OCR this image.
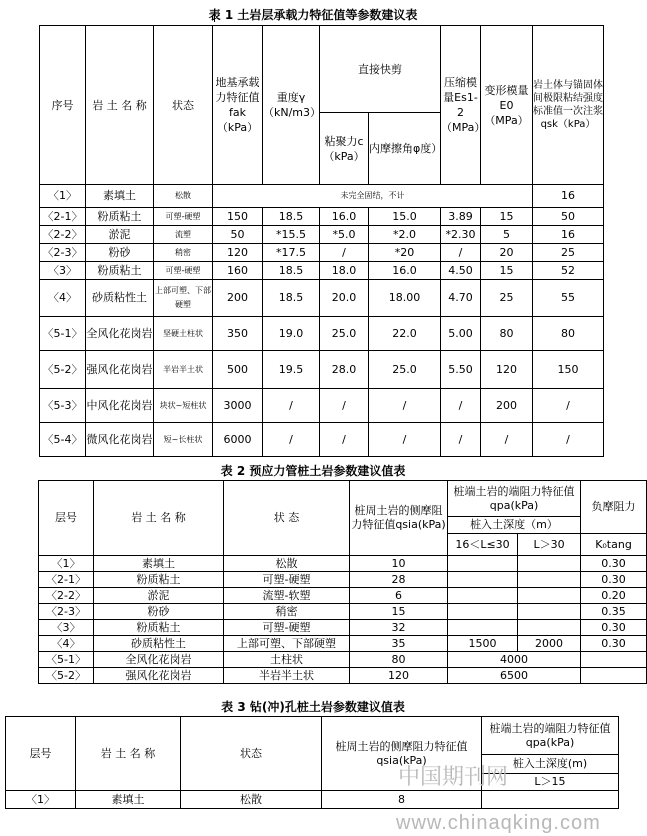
表 1 土岩层承载力特征值等参数建议表
序号	岩 土 名 称	状态	地基承载力特征值fak（kPa）	重度γ（kN/m3）	直接快剪		压缩模量Es1-2（MPa）	变形模量E0（MPa）	岩土体与锚固体间极限粘结强度标准值一次注浆qsk（kPa）
					粘聚力c（kPa）	内摩擦角φ度）			
〈1〉	素填土	松散	未完全固结，不计						16
〈2-1〉	粉质粘土	可塑-硬塑	150	18.5	16.0	15.0	3.89	15	50
〈2-2〉	淤泥	流塑	50	*15.5	*5.0	*2.0	*2.30	5	16
〈2-3〉	粉砂	稍密	120	*17.5	/	*20	/	20	25
〈3〉	粉质粘土	可塑-硬塑	160	18.5	18.0	16.0	4.50	15	52
〈4〉	砂质粘性土	上部可塑、下部硬塑	200	18.5	20.0	18.00	4.70	25	55
〈5-1〉	全风化花岗岩	坚硬土柱状	350	19.0	25.0	22.0	5.00	80	80
〈5-2〉	强风化花岗岩	半岩半土状	500	19.5	28.0	25.0	5.50	120	150
〈5-3〉	中风化花岗岩	块状~短柱状	3000	/	/	/	/	200	/
〈5-4〉	微风化花岗岩	短~长柱状	6000	/	/	/	/	/	/
表 2 预应力管桩土岩参数建议值表
层号	岩 土 名 称	状 态	桩周土岩的侧摩阻力特征值qsia(kPa)	桩端土岩的端阻力特征值qpa(kPa)		负摩阻力
				桩入土深度（m）		
				16＜L≤30	L＞30	K₀tang
〈1〉	素填土	松散	10			0.30
〈2-1〉	粉质粘土	可塑-硬塑	28			0.30
〈2-2〉	淤泥	流塑-软塑	6			0.20
〈2-3〉	粉砂	稍密	15			0.35
〈3〉	粉质粘土	可塑-硬塑	32			0.30
〈4〉	砂质粘性土	上部可塑、下部硬塑	35	1500	2000	0.30
〈5-1〉	全风化花岗岩	土柱状	80	4000		
〈5-2〉	强风化花岗岩	半岩半土状	120	6500		
表 3 钻(冲)孔桩土岩参数建议值表
层号	岩 土 名 称	状态	桩周土岩的侧摩阻力特征值qsia(kPa)	桩端土岩的端阻力特征值qpa(kPa)
				桩入土深度(m)
				L＞15
〈1〉	素填土	松散	8	
中国期刊网
www.chinaqking.com
